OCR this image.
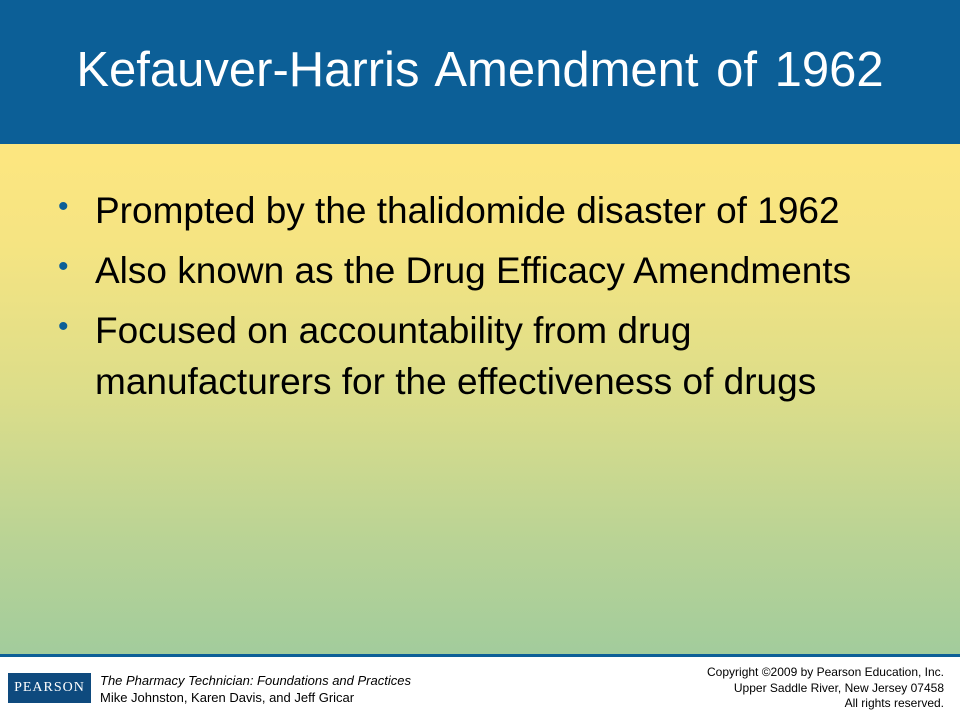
Kefauver-Harris Amendment of 1962
• Prompted by the thalidomide disaster of 1962
• Also known as the Drug Efficacy Amendments
• Focused on accountability from drug manufacturers for the effectiveness of drugs
PEARSON	The Pharmacy Technician: Foundations and Practices
Mike Johnston, Karen Davis, and Jeff Gricar
Copyright ©2009 by Pearson Education, Inc.
Upper Saddle River, New Jersey 07458
All rights reserved.
